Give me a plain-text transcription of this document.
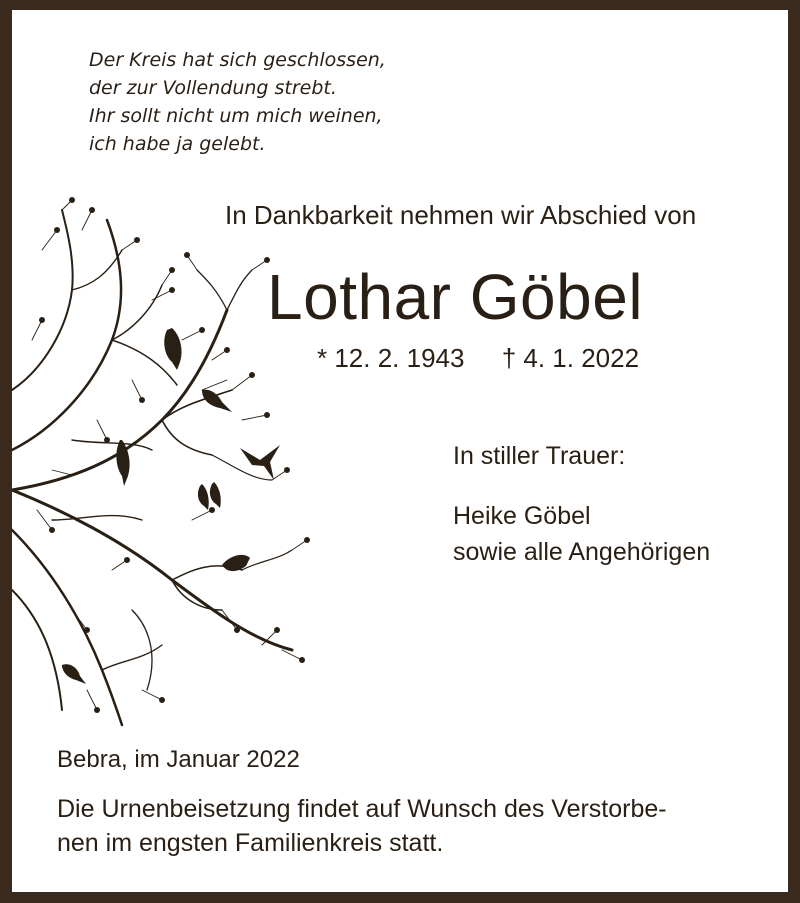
Der Kreis hat sich geschlossen,
der zur Vollendung strebt.
Ihr sollt nicht um mich weinen,
ich habe ja gelebt.
In Dankbarkeit nehmen wir Abschied von
Lothar Göbel
* 12. 2. 1943 † 4. 1. 2022
In stiller Trauer:
Heike Göbel
sowie alle Angehörigen
Bebra, im Januar 2022
Die Urnenbeisetzung findet auf Wunsch des Verstorbe-
nen im engsten Familienkreis statt.
